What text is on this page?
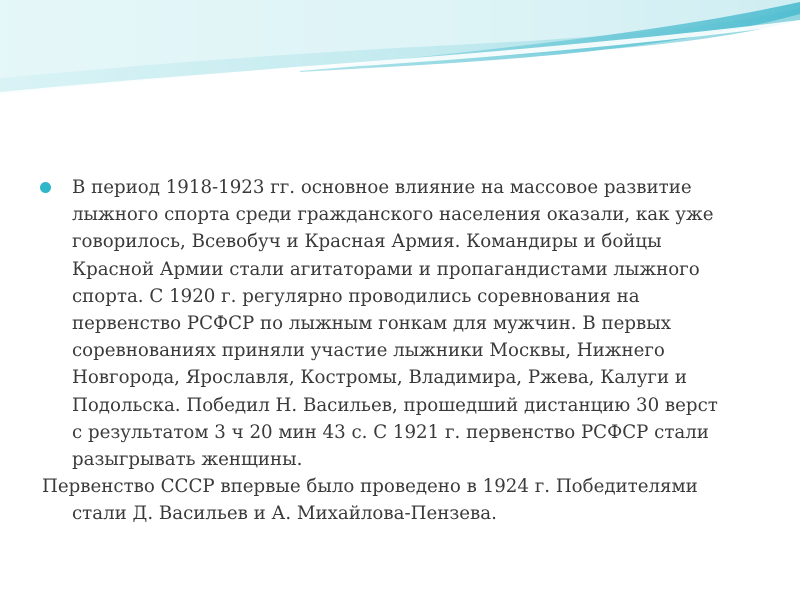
В период 1918-1923 гг. основное влияние на массовое развитие
лыжного спорта среди гражданского населения оказали, как уже
говорилось, Всевобуч и Красная Армия. Командиры и бойцы
Красной Армии стали агитаторами и пропагандистами лыжного
спорта. С 1920 г. регулярно проводились соревнования на
первенство РСФСР по лыжным гонкам для мужчин. В первых
соревнованиях приняли участие лыжники Москвы, Нижнего
Новгорода, Ярославля, Костромы, Владимира, Ржева, Калуги и
Подольска. Победил Н. Васильев, прошедший дистанцию 30 верст
с результатом 3 ч 20 мин 43 с. С 1921 г. первенство РСФСР стали
разыгрывать женщины.
Первенство СССР впервые было проведено в 1924 г. Победителями
стали Д. Васильев и А. Михайлова-Пензева.
